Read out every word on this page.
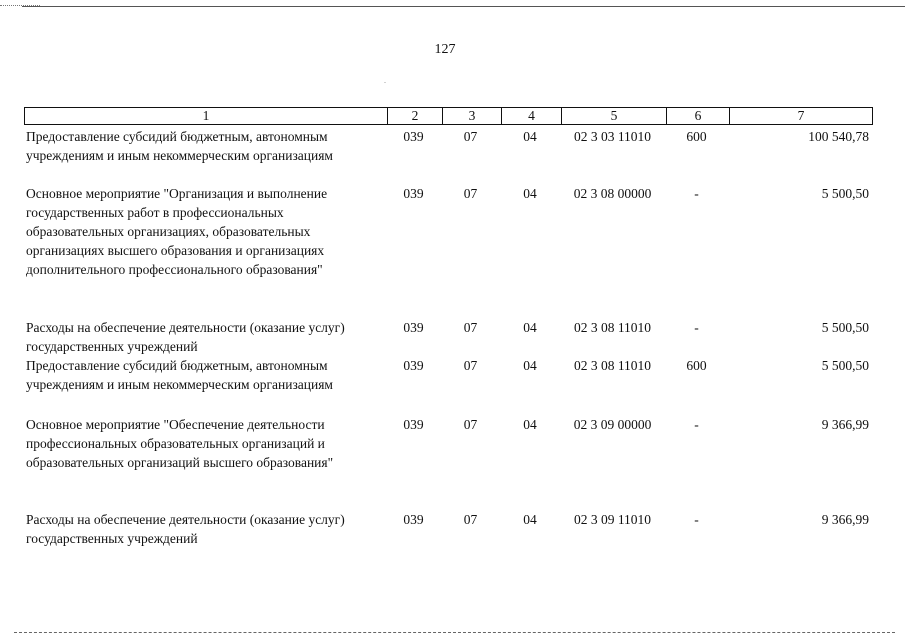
127
.
1	2	3	4	5	6	7
Предоставление субсидий бюджетным, автономным учреждениям и иным некоммерческим организациям
039	07	04	02 3 03 11010	600	100 540,78
Основное мероприятие "Организация и выполнение государственных работ в профессиональных образовательных организациях, образовательных организациях высшего образования и организациях дополнительного профессионального образования"
039	07	04	02 3 08 00000	-	5 500,50
Расходы на обеспечение деятельности (оказание услуг) государственных учреждений
039	07	04	02 3 08 11010	-	5 500,50
Предоставление субсидий бюджетным, автономным учреждениям и иным некоммерческим организациям
039	07	04	02 3 08 11010	600	5 500,50
Основное мероприятие "Обеспечение деятельности профессиональных образовательных организаций и образовательных организаций высшего образования"
039	07	04	02 3 09 00000	-	9 366,99
Расходы на обеспечение деятельности (оказание услуг) государственных учреждений
039	07	04	02 3 09 11010	-	9 366,99
